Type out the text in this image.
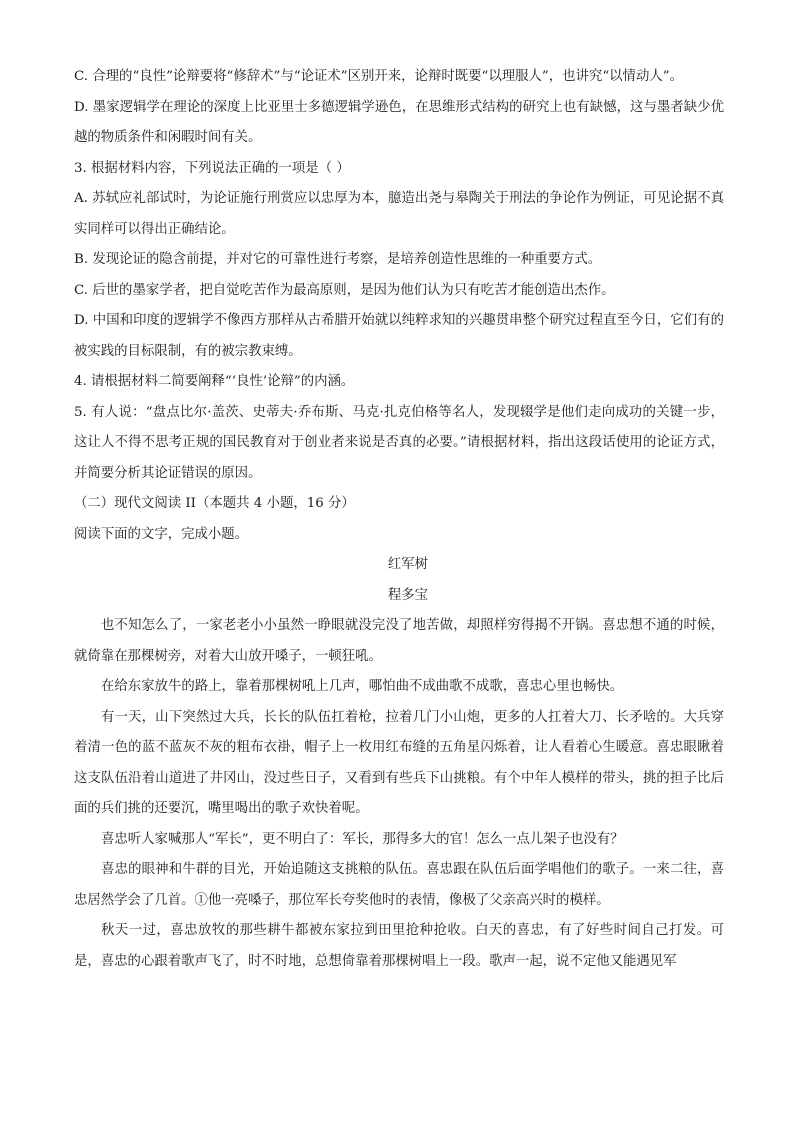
C. 合理的“良性”论辩要将“修辞术”与“论证术”区别开来，论辩时既要“以理服人”，也讲究“以情动人”。

D. 墨家逻辑学在理论的深度上比亚里士多德逻辑学逊色，在思维形式结构的研究上也有缺憾，这与墨者缺少优越的物质条件和闲暇时间有关。

3. 根据材料内容，下列说法正确的一项是（ ）

A. 苏轼应礼部试时，为论证施行刑赏应以忠厚为本，臆造出尧与皋陶关于刑法的争论作为例证，可见论据不真实同样可以得出正确结论。

B. 发现论证的隐含前提，并对它的可靠性进行考察，是培养创造性思维的一种重要方式。

C. 后世的墨家学者，把自觉吃苦作为最高原则，是因为他们认为只有吃苦才能创造出杰作。

D. 中国和印度的逻辑学不像西方那样从古希腊开始就以纯粹求知的兴趣贯串整个研究过程直至今日，它们有的被实践的目标限制，有的被宗教束缚。

4. 请根据材料二简要阐释“‘良性’论辩”的内涵。

5. 有人说：“盘点比尔·盖茨、史蒂夫·乔布斯、马克·扎克伯格等名人，发现辍学是他们走向成功的关键一步，这让人不得不思考正规的国民教育对于创业者来说是否真的必要。”请根据材料，指出这段话使用的论证方式，并简要分析其论证错误的原因。

（二）现代文阅读 II（本题共 4 小题，16 分）

阅读下面的文字，完成小题。

红军树

程多宝

也不知怎么了，一家老老小小虽然一睁眼就没完没了地苦做，却照样穷得揭不开锅。喜忠想不通的时候，就倚靠在那棵树旁，对着大山放开嗓子，一顿狂吼。

在给东家放牛的路上，靠着那棵树吼上几声，哪怕曲不成曲歌不成歌，喜忠心里也畅快。

有一天，山下突然过大兵，长长的队伍扛着枪，拉着几门小山炮，更多的人扛着大刀、长矛啥的。大兵穿着清一色的蓝不蓝灰不灰的粗布衣褂，帽子上一枚用红布缝的五角星闪烁着，让人看着心生暖意。喜忠眼瞅着这支队伍沿着山道进了井冈山，没过些日子，又看到有些兵下山挑粮。有个中年人模样的带头，挑的担子比后面的兵们挑的还要沉，嘴里喝出的歌子欢快着呢。

喜忠听人家喊那人“军长”，更不明白了：军长，那得多大的官！怎么一点儿架子也没有？

喜忠的眼神和牛群的目光，开始追随这支挑粮的队伍。喜忠跟在队伍后面学唱他们的歌子。一来二往，喜忠居然学会了几首。①他一亮嗓子，那位军长夸奖他时的表情，像极了父亲高兴时的模样。

秋天一过，喜忠放牧的那些耕牛都被东家拉到田里抢种抢收。白天的喜忠，有了好些时间自己打发。可是，喜忠的心跟着歌声飞了，时不时地，总想倚靠着那棵树唱上一段。歌声一起，说不定他又能遇见军
